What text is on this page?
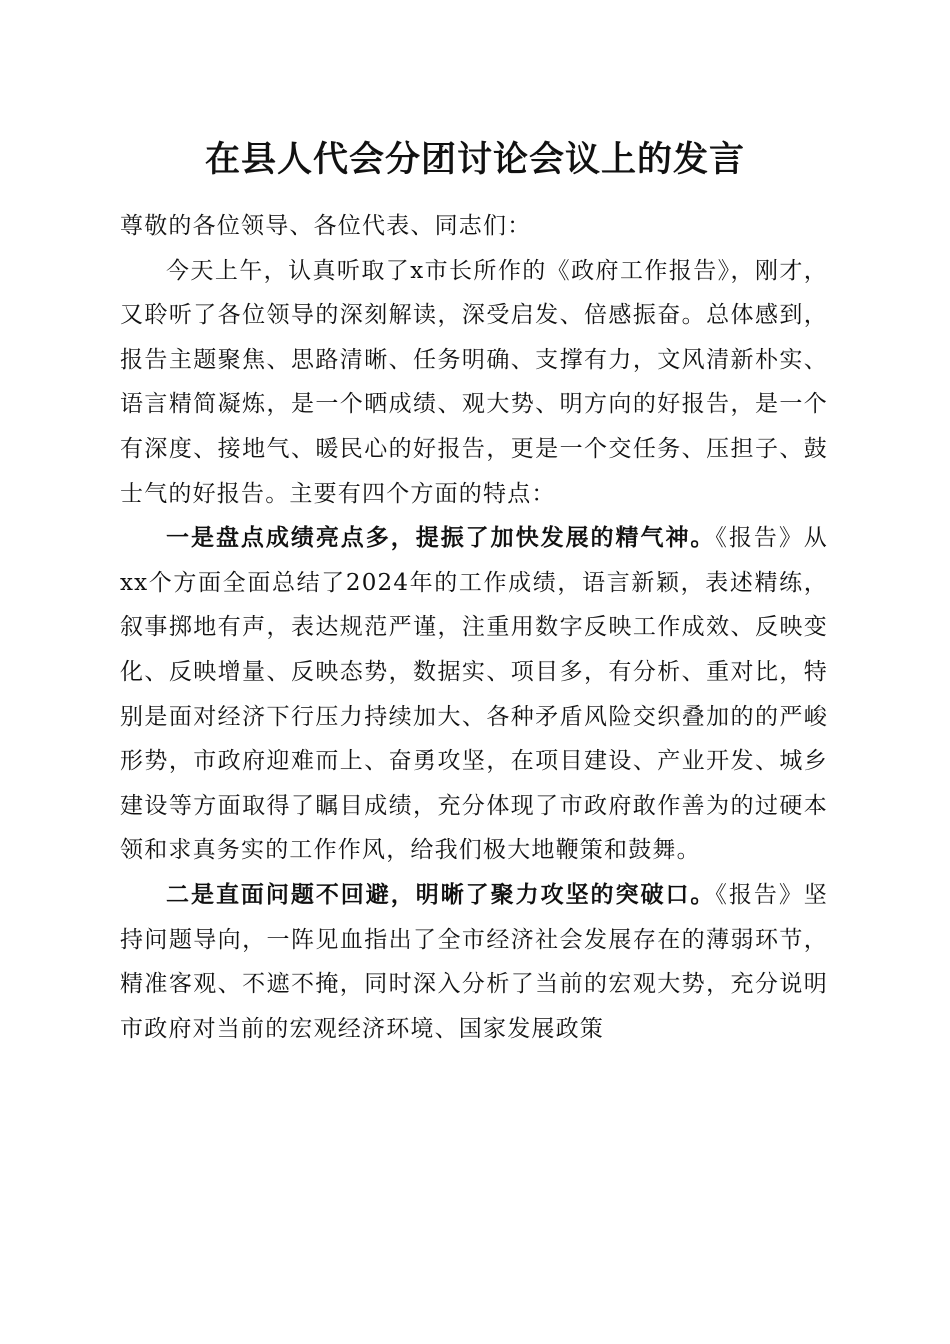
在县人代会分团讨论会议上的发言

尊敬的各位领导、各位代表、同志们：

今天上午，认真听取了x市长所作的《政府工作报告》，刚才，又聆听了各位领导的深刻解读，深受启发、倍感振奋。总体感到，报告主题聚焦、思路清晰、任务明确、支撑有力，文风清新朴实、语言精简凝炼，是一个晒成绩、观大势、明方向的好报告，是一个有深度、接地气、暖民心的好报告，更是一个交任务、压担子、鼓士气的好报告。主要有四个方面的特点：

一是盘点成绩亮点多，提振了加快发展的精气神。《报告》从xx个方面全面总结了2024年的工作成绩，语言新颖，表述精练，叙事掷地有声，表达规范严谨，注重用数字反映工作成效、反映变化、反映增量、反映态势，数据实、项目多，有分析、重对比，特别是面对经济下行压力持续加大、各种矛盾风险交织叠加的的严峻形势，市政府迎难而上、奋勇攻坚，在项目建设、产业开发、城乡建设等方面取得了瞩目成绩，充分体现了市政府敢作善为的过硬本领和求真务实的工作作风，给我们极大地鞭策和鼓舞。

二是直面问题不回避，明晰了聚力攻坚的突破口。《报告》坚持问题导向，一阵见血指出了全市经济社会发展存在的薄弱环节，精准客观、不遮不掩，同时深入分析了当前的宏观大势，充分说明市政府对当前的宏观经济环境、国家发展政策
